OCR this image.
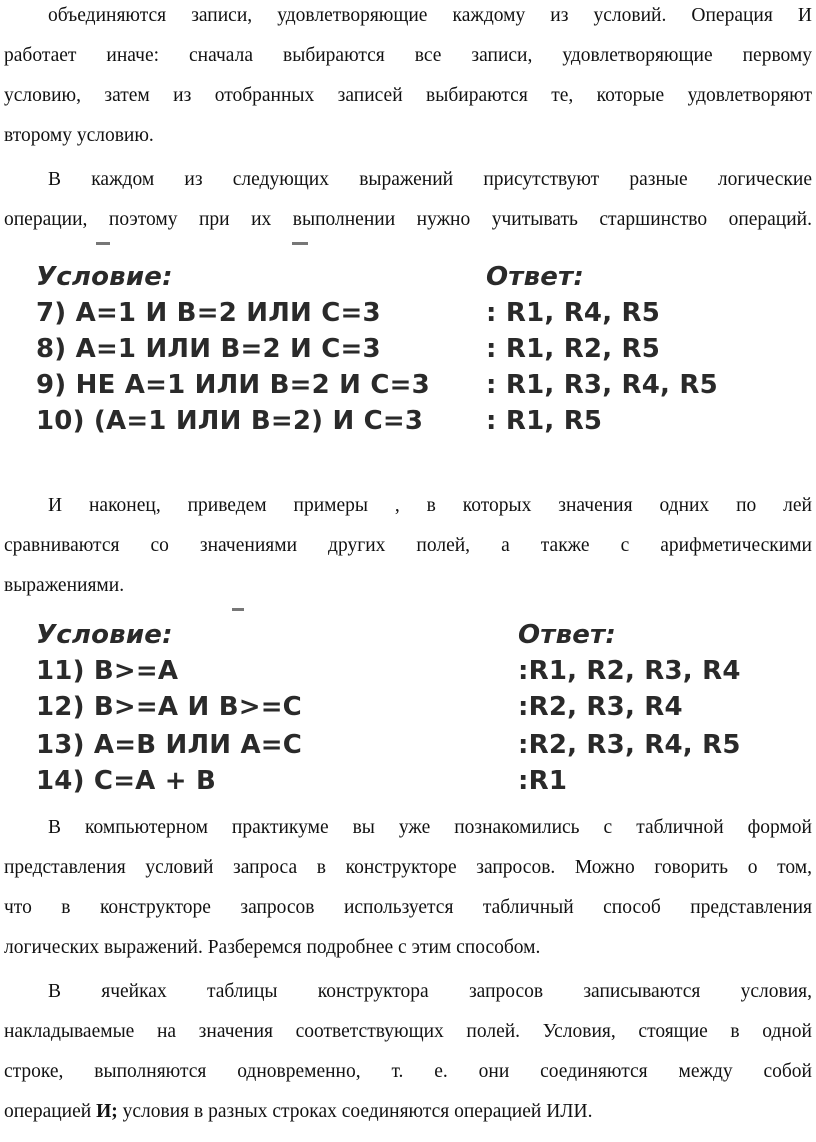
объединяются записи, удовлетворяющие каждому из условий. Операция И
работает иначе: сначала выбираются все записи, удовлетворяющие первому
условию, затем из отобранных записей выбираются те, которые удовлетворяют
второму условию.
В каждом из следующих выражений присутствуют разные логические
операции, поэтому при их выполнении нужно учитывать старшинство операций.
Условие:	Ответ:
7) A=1 И B=2 ИЛИ C=3	: R1, R4, R5
8) A=1 ИЛИ B=2 И C=3	: R1, R2, R5
9) НЕ A=1 ИЛИ B=2 И C=3 : R1, R3, R4, R5
10) (A=1 ИЛИ B=2) И C=3 : R1, R5
И наконец, приведем примеры , в которых значения одних по лей
сравниваются со значениями других полей, а также с арифметическими
выражениями.
Условие:	Ответ:
11) B>=A	:R1, R2, R3, R4
12) B>=A И B>=C	:R2, R3, R4
13) A=B ИЛИ A=C	:R2, R3, R4, R5
14) C=A + B	:R1
В компьютерном практикуме вы уже познакомились с табличной формой
представления условий запроса в конструкторе запросов. Можно говорить о том,
что в конструкторе запросов используется табличный способ представления
логических выражений. Разберемся подробнее с этим способом.
В ячейках таблицы конструктора запросов записываются условия,
накладываемые на значения соответствующих полей. Условия, стоящие в одной
строке, выполняются одновременно, т. е. они соединяются между собой
операцией И; условия в разных строках соединяются операцией ИЛИ.
